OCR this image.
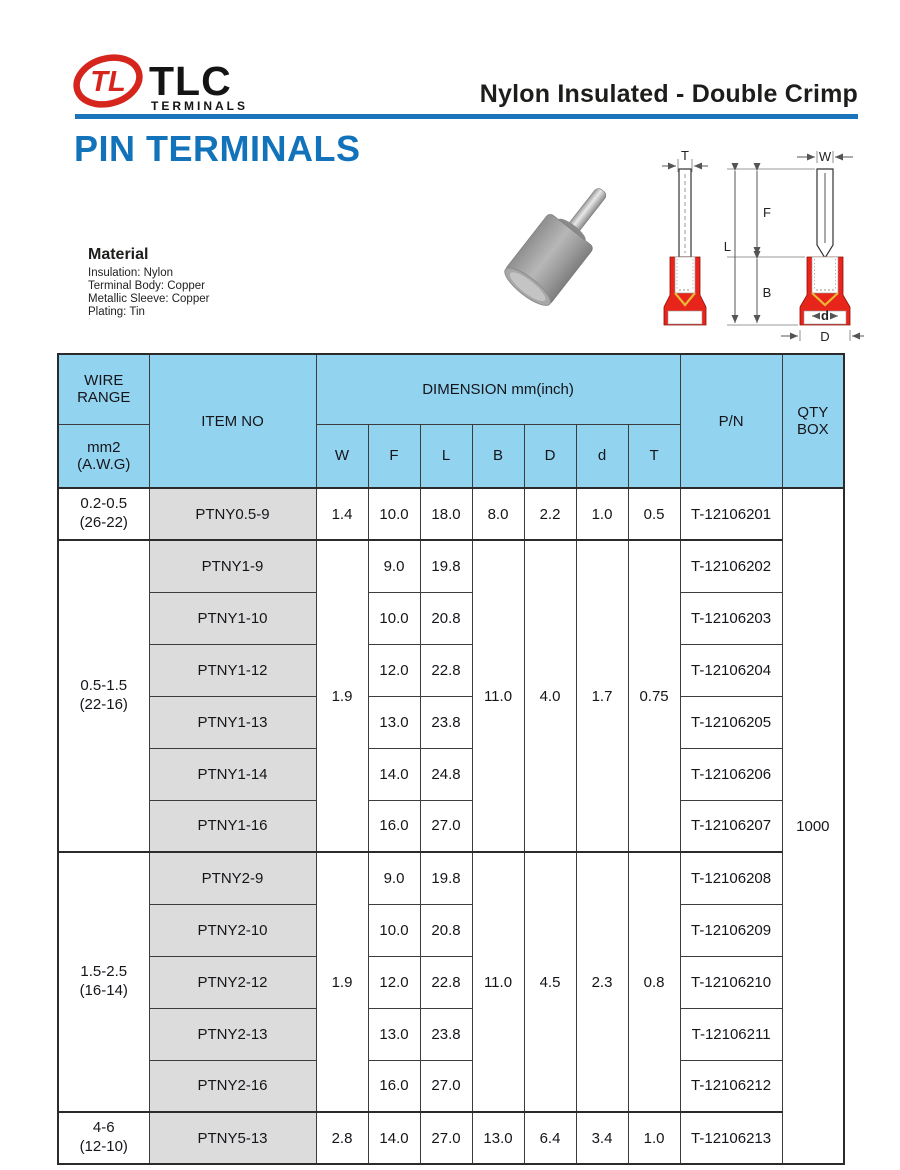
TL TLC
TERMINALS	Nylon Insulated - Double Crimp
PIN TERMINALS
Material
Insulation: Nylon
Terminal Body: Copper
Metallic Sleeve: Copper
Plating: Tin
T
L
F
B
W
d
D
WIRE RANGE	ITEM NO	DIMENSION mm(inch)							P/N	QTY BOX
mm2 (A.W.G)		W	F	L	B	D	d	T		

0.2-0.5
(26-22)	PTNY0.5-9	1.4	10.0	18.0	8.0	2.2	1.0	0.5	T-12106201	1000

0.5-1.5
(22-16)	PTNY1-9	1.9	9.0	19.8	11.0	4.0	1.7	0.75	T-12106202	
	PTNY1-10		10.0	20.8					T-12106203	
	PTNY1-12		12.0	22.8					T-12106204	
	PTNY1-13		13.0	23.8					T-12106205	
	PTNY1-14		14.0	24.8					T-12106206	
	PTNY1-16		16.0	27.0					T-12106207	

1.5-2.5
(16-14)	PTNY2-9	1.9	9.0	19.8	11.0	4.5	2.3	0.8	T-12106208	
	PTNY2-10		10.0	20.8					T-12106209	
	PTNY2-12		12.0	22.8					T-12106210	
	PTNY2-13		13.0	23.8					T-12106211	
	PTNY2-16		16.0	27.0					T-12106212	

4-6
(12-10)	PTNY5-13	2.8	14.0	27.0	13.0	6.4	3.4	1.0	T-12106213	
